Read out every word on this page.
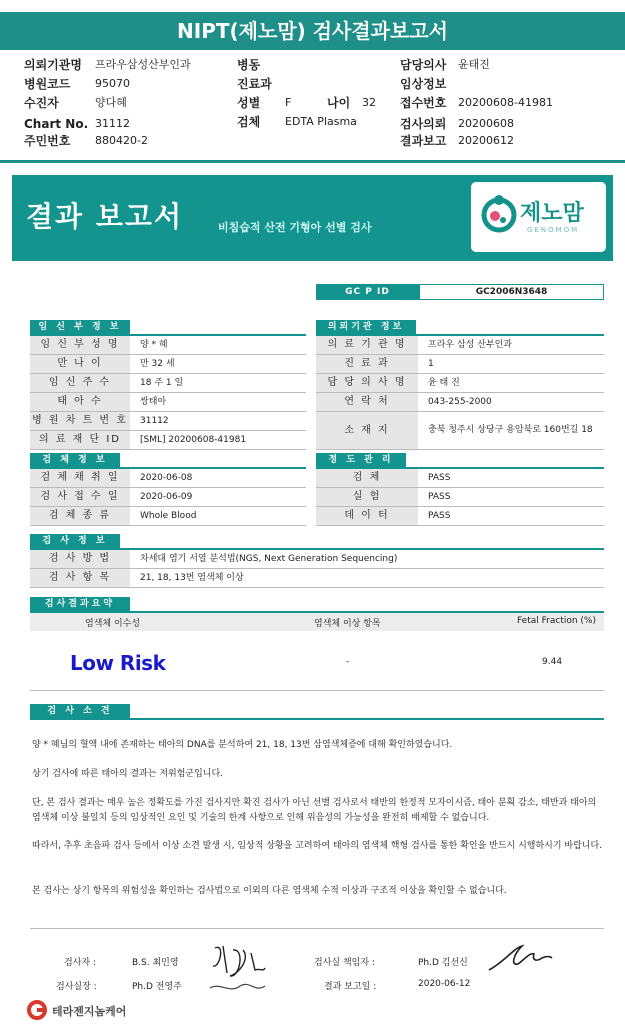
NIPT(제노맘) 검사결과보고서
의뢰기관명 프라우삼성산부인과
병원코드 95070
수진자	양다혜
Chart No. 31112
주민번호 880420-2
병동
진료과
성별 F	나이 32
검체 EDTA Plasma
담당의사 윤태진
임상정보
접수번호 20200608-41981
검사의뢰 20200608
결과보고 20200612
결과 보고서	비침습적 산전 기형아 선별 검사
제노맘
GENOMOM
GC P ID	GC2006N3648
임 신 부 정 보
임 신 부 성 명	양 * 혜
만 나 이	만 32 세
임 신 주 수	18 주 1 일
태 아 수	쌍태아
병 원 차 트 번 호 31112
의 료 재 단 ID	[SML] 20200608-41981
의뢰기관 정보
의 료 기 관 명	프라우 삼성 산부인과
진 료 과	1
담 당 의 사 명	윤 태 진
연 락 처	043-255-2000
소 재 지	충북 청주시 상당구 용암북로 160번길 18
검 체 정 보
검 체 채 취 일	2020-06-08
검 사 접 수 일	2020-06-09
검 체 종 류	Whole Blood
정 도 관 리
검 체	PASS
실 험	PASS
데 이 터	PASS
검 사 정 보
검 사 방 법	차세대 염기 서열 분석법(NGS, Next Generation Sequencing)
검 사 항 목	21, 18, 13번 염색체 이상
검사결과요약
염색체 이수성	염색체 이상 항목	Fetal Fraction (%)
Low Risk	-	9.44
검 사 소 견
양 * 혜님의 혈액 내에 존재하는 태아의 DNA를 분석하여 21, 18, 13번 삼염색체증에 대해 확인하였습니다.
상기 검사에 따른 태아의 결과는 저위험군입니다.
단, 본 검사 결과는 매우 높은 정확도를 가진 검사지만 확진 검사가 아닌 선별 검사로서 태반의 한정적 모자이시즘, 태아 분획 감소, 태반과 태아의 염색체 이상 불일치 등의 임상적인 요인 및 기술의 한계 사항으로 인해 위음성의 가능성을 완전히 배제할 수 없습니다.
따라서, 추후 초음파 검사 등에서 이상 소견 발생 시, 임상적 상황을 고려하여 태아의 염색체 핵형 검사를 통한 확인을 반드시 시행하시기 바랍니다.
본 검사는 상기 항목의 위험성을 확인하는 검사법으로 이외의 다른 염색체 수적 이상과 구조적 이상을 확인할 수 없습니다.
검사자 :	B.S. 최민영
검사실장 :	Ph.D 전영주
검사실 책임자 :	Ph.D 김선신
결과 보고일 :	2020-06-12
테라젠지놈케어
